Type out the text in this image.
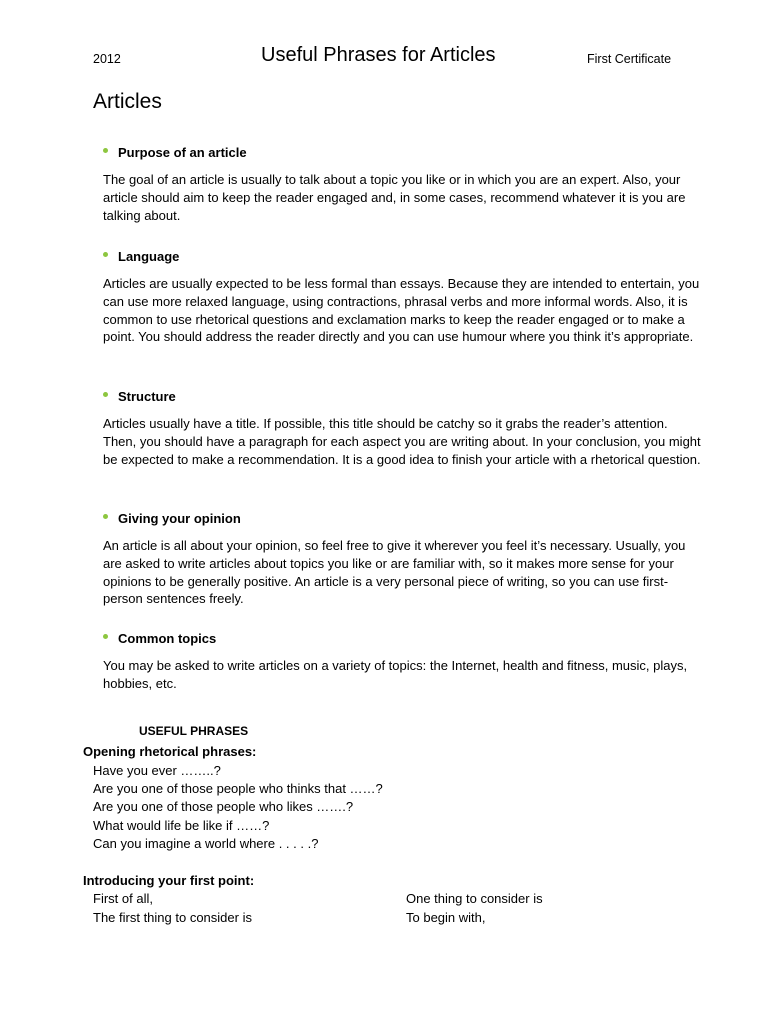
2012	Useful Phrases for Articles	First Certificate
Articles
Purpose of an article
The goal of an article is usually to talk about a topic you like or in which you are an expert. Also, your article should aim to keep the reader engaged and, in some cases, recommend whatever it is you are talking about.
Language
Articles are usually expected to be less formal than essays. Because they are intended to entertain, you can use more relaxed language, using contractions, phrasal verbs and more informal words. Also, it is common to use rhetorical questions and exclamation marks to keep the reader engaged or to make a point. You should address the reader directly and you can use humour where you think it’s appropriate.
Structure
Articles usually have a title. If possible, this title should be catchy so it grabs the reader’s attention. Then, you should have a paragraph for each aspect you are writing about. In your conclusion, you might be expected to make a recommendation. It is a good idea to finish your article with a rhetorical question.
Giving your opinion
An article is all about your opinion, so feel free to give it wherever you feel it’s necessary. Usually, you are asked to write articles about topics you like or are familiar with, so it makes more sense for your opinions to be generally positive. An article is a very personal piece of writing, so you can use first-person sentences freely.
Common topics
You may be asked to write articles on a variety of topics: the Internet, health and fitness, music, plays, hobbies, etc.
USEFUL PHRASES
Opening rhetorical phrases:
Have you ever ……..?
Are you one of those people who thinks that ……?
Are you one of those people who likes …….?
What would life be like if ……?
Can you imagine a world where . . . . .?
Introducing your first point:
First of all,
The first thing to consider is
One thing to consider is
To begin with,
